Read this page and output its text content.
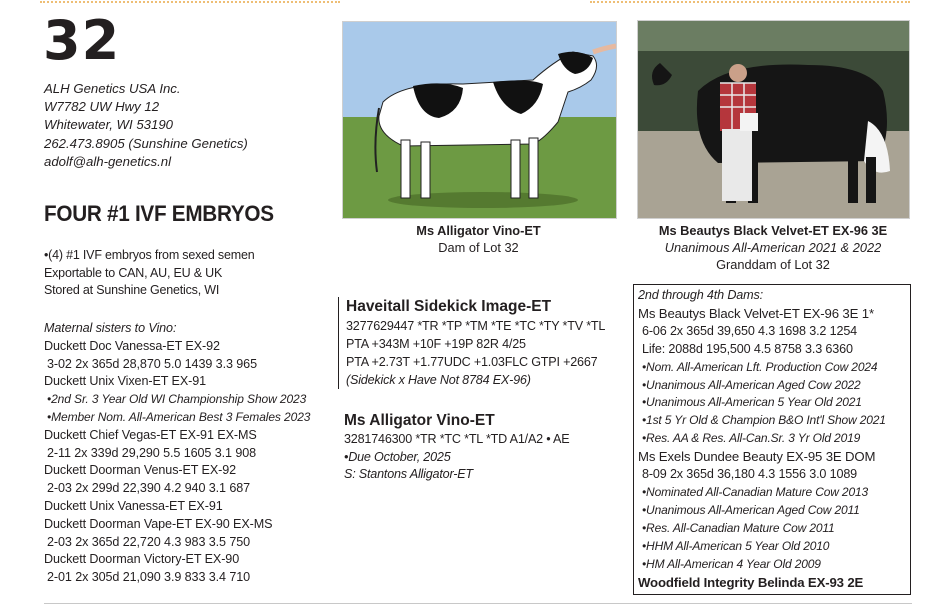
32
ALH Genetics USA Inc.
W7782 UW Hwy 12
Whitewater, WI 53190
262.473.8905 (Sunshine Genetics)
adolf@alh-genetics.nl
FOUR #1 IVF EMBRYOS
•(4) #1 IVF embryos from sexed semen
Exportable to CAN, AU, EU & UK
Stored at Sunshine Genetics, WI
Maternal sisters to Vino:
Duckett Doc Vanessa-ET EX-92
3-02 2x 365d 28,870 5.0 1439 3.3 965
Duckett Unix Vixen-ET EX-91
•2nd Sr. 3 Year Old WI Championship Show 2023
•Member Nom. All-American Best 3 Females 2023
Duckett Chief Vegas-ET EX-91 EX-MS
2-11 2x 339d 29,290 5.5 1605 3.1 908
Duckett Doorman Venus-ET EX-92
2-03 2x 299d 22,390 4.2 940 3.1 687
Duckett Unix Vanessa-ET EX-91
Duckett Doorman Vape-ET EX-90 EX-MS
2-03 2x 365d 22,720 4.3 983 3.5 750
Duckett Doorman Victory-ET EX-90
2-01 2x 305d 21,090 3.9 833 3.4 710
Ms Alligator Vino-ET
Dam of Lot 32
Ms Beautys Black Velvet-ET EX-96 3E
Unanimous All-American 2021 & 2022
Granddam of Lot 32
Haveitall Sidekick Image-ET
3277629447 *TR *TP *TM *TE *TC *TY *TV *TL
PTA +343M +10F +19P 82R 4/25
PTA +2.73T +1.77UDC +1.03FLC GTPI +2667
(Sidekick x Have Not 8784 EX-96)
Ms Alligator Vino-ET
3281746300 *TR *TC *TL *TD A1/A2 • AE
•Due October, 2025
S: Stantons Alligator-ET
2nd through 4th Dams:
Ms Beautys Black Velvet-ET EX-96 3E 1*
6-06 2x 365d 39,650 4.3 1698 3.2 1254
Life: 2088d 195,500 4.5 8758 3.3 6360
•Nom. All-American Lft. Production Cow 2024
•Unanimous All-American Aged Cow 2022
•Unanimous All-American 5 Year Old 2021
•1st 5 Yr Old & Champion B&O Int'l Show 2021
•Res. AA & Res. All-Can.Sr. 3 Yr Old 2019
Ms Exels Dundee Beauty EX-95 3E DOM
8-09 2x 365d 36,180 4.3 1556 3.0 1089
•Nominated All-Canadian Mature Cow 2013
•Unanimous All-American Aged Cow 2011
•Res. All-Canadian Mature Cow 2011
•HHM All-American 5 Year Old 2010
•HM All-American 4 Year Old 2009
Woodfield Integrity Belinda EX-93 2E
